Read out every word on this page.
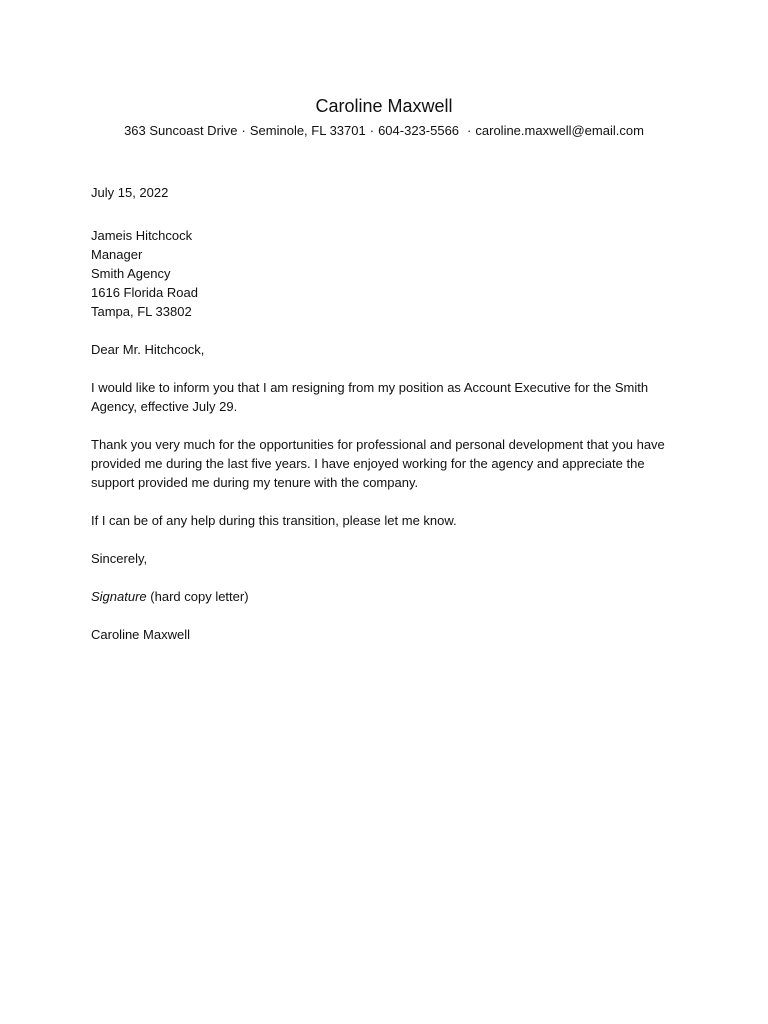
Caroline Maxwell
363 Suncoast Drive · Seminole, FL 33701 · 604-323-5566 · caroline.maxwell@email.com
July 15, 2022
Jameis Hitchcock
Manager
Smith Agency
1616 Florida Road
Tampa, FL 33802
Dear Mr. Hitchcock,

I would like to inform you that I am resigning from my position as Account Executive for the Smith Agency, effective July 29.

Thank you very much for the opportunities for professional and personal development that you have provided me during the last five years. I have enjoyed working for the agency and appreciate the support provided me during my tenure with the company.

If I can be of any help during this transition, please let me know.

Sincerely,
Signature (hard copy letter)
Caroline Maxwell
